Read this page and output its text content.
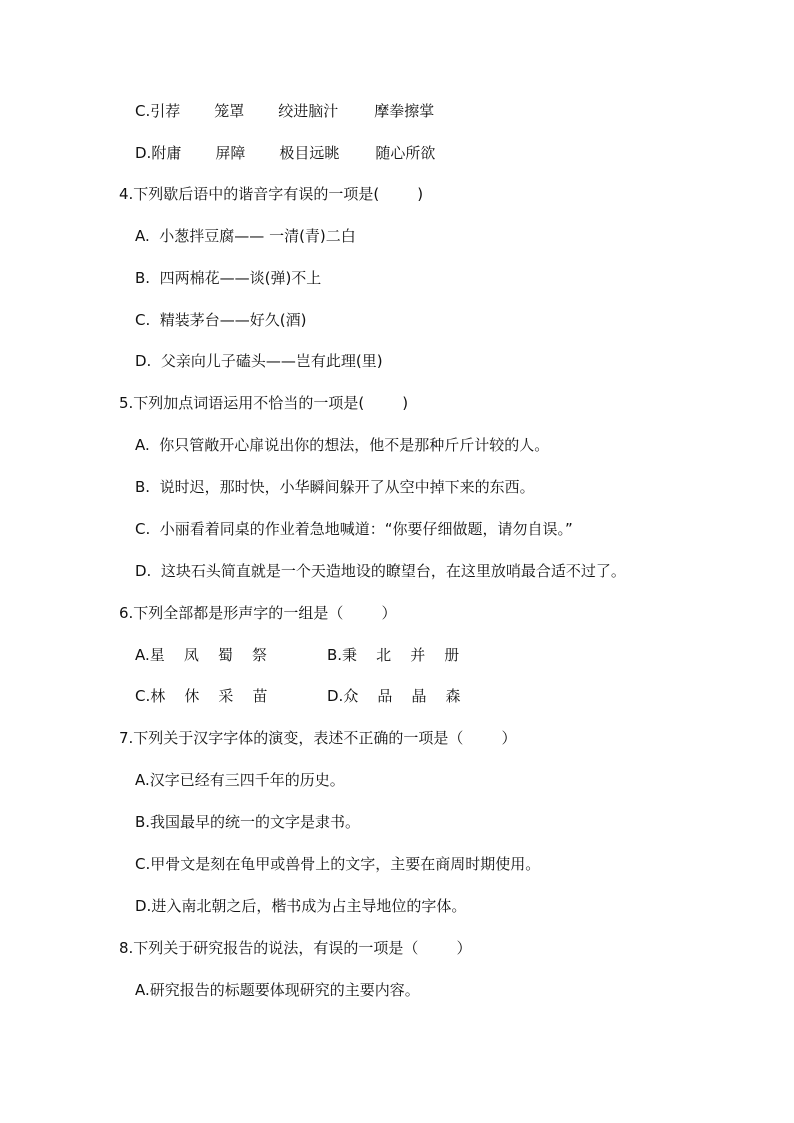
C. 引荐	笼罩	绞进脑汁	摩拳擦掌
D. 附庸	屏障	极目远眺	随心所欲
4.下列歇后语中的谐音字有误的一项是(        )
A.  小葱拌豆腐—— 一清(青)二白
B.  四两棉花——谈(弹)不上
C.  精装茅台——好久(酒)
D.  父亲向儿子磕头——岂有此理(里)
5.下列加点词语运用不恰当的一项是(        )
A.  你只管敞开心扉说出你的想法，他不是那种斤斤计较的人。
B.  说时迟，那时快，小华瞬间躲开了从空中掉下来的东西。
C.  小丽看着同桌的作业着急地喊道：“你要仔细做题，请勿自误。”
D.  这块石头简直就是一个天造地设的瞭望台，在这里放哨最合适不过了。
6.下列全部都是形声字的一组是（        ）
A.星    凤    蜀    祭	B.秉    北    并    册
C.林    休    采    苗	D.众    品    晶    森
7.下列关于汉字字体的演变，表述不正确的一项是（        ）
A.汉字已经有三四千年的历史。
B.我国最早的统一的文字是隶书。
C.甲骨文是刻在龟甲或兽骨上的文字，主要在商周时期使用。
D.进入南北朝之后，楷书成为占主导地位的字体。
8.下列关于研究报告的说法，有误的一项是（        ）
A.研究报告的标题要体现研究的主要内容。
